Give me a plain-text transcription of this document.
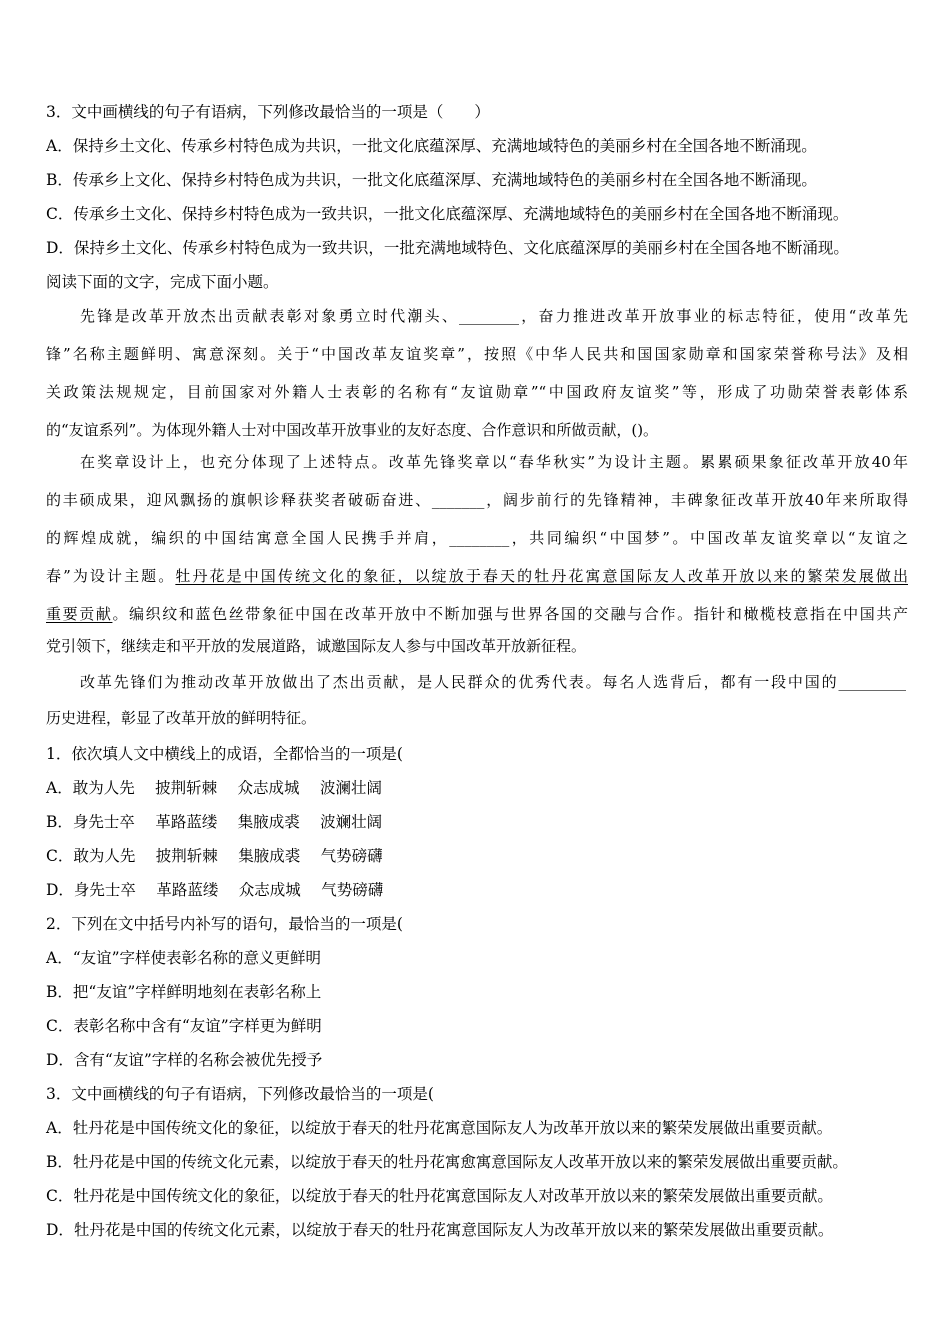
3．文中画横线的句子有语病，下列修改最恰当的一项是（　　）
A．保持乡土文化、传承乡村特色成为共识，一批文化底蕴深厚、充满地域特色的美丽乡村在全国各地不断涌现。
B．传承乡上文化、保持乡村特色成为共识，一批文化底蕴深厚、充满地域特色的美丽乡村在全国各地不断涌现。
C．传承乡土文化、保持乡村特色成为一致共识，一批文化底蕴深厚、充满地域特色的美丽乡村在全国各地不断涌现。
D．保持乡土文化、传承乡村特色成为一致共识，一批充满地域特色、文化底蕴深厚的美丽乡村在全国各地不断涌现。
阅读下面的文字，完成下面小题。
先锋是改革开放杰出贡献表彰对象勇立时代潮头、________，奋力推进改革开放事业的标志特征，使用“改革先
锋”名称主题鲜明、寓意深刻。关于“中国改革友谊奖章”，按照《中华人民共和国国家勋章和国家荣誉称号法》及相
关政策法规规定，目前国家对外籍人士表彰的名称有“友谊勋章”“中国政府友谊奖”等，形成了功勋荣誉表彰体系
的“友谊系列”。为体现外籍人士对中国改革开放事业的友好态度、合作意识和所做贡献，()。
在奖章设计上，也充分体现了上述特点。改革先锋奖章以“春华秋实”为设计主题。累累硕果象征改革开放40年
的丰硕成果，迎风飘扬的旗帜诊释获奖者破砺奋进、_______，阔步前行的先锋精神，丰碑象征改革开放40年来所取得
的辉煌成就，编织的中国结寓意全国人民携手并肩，________，共同编织“中国梦”。中国改革友谊奖章以“友谊之
春”为设计主题。牡丹花是中国传统文化的象征，以绽放于春天的牡丹花寓意国际友人改革开放以来的繁荣发展做出
重要贡献。编织纹和蓝色丝带象征中国在改革开放中不断加强与世界各国的交融与合作。指针和橄榄枝意指在中国共产
党引领下，继续走和平开放的发展道路，诚邀国际友人参与中国改革开放新征程。
改革先锋们为推动改革开放做出了杰出贡献，是人民群众的优秀代表。每名人选背后，都有一段中国的_________
历史进程，彰显了改革开放的鲜明特征。
1．依次填人文中横线上的成语，全都恰当的一项是(
A．敢为人先　 披荆斩棘　 众志成城　 波澜壮阔
B．身先士卒　 革路蓝缕　 集腋成裘　 波斓壮阔
C．敢为人先　 披荆斩棘　 集腋成裘　 气势磅礴
D．身先士卒　 革路蓝缕　 众志成城　 气势磅礴
2．下列在文中括号内补写的语句，最恰当的一项是(
A．“友谊”字样使表彰名称的意义更鲜明
B．把“友谊”字样鲜明地刻在表彰名称上
C．表彰名称中含有“友谊”字样更为鲜明
D．含有“友谊”字样的名称会被优先授予
3．文中画横线的句子有语病，下列修改最恰当的一项是(
A．牡丹花是中国传统文化的象征，以绽放于春天的牡丹花寓意国际友人为改革开放以来的繁荣发展做出重要贡献。
B．牡丹花是中国的传统文化元素，以绽放于春天的牡丹花寓愈寓意国际友人改革开放以来的繁荣发展做出重要贡献。
C．牡丹花是中国传统文化的象征，以绽放于春天的牡丹花寓意国际友人对改革开放以来的繁荣发展做出重要贡献。
D．牡丹花是中国的传统文化元素，以绽放于春天的牡丹花寓意国际友人为改革开放以来的繁荣发展做出重要贡献。
